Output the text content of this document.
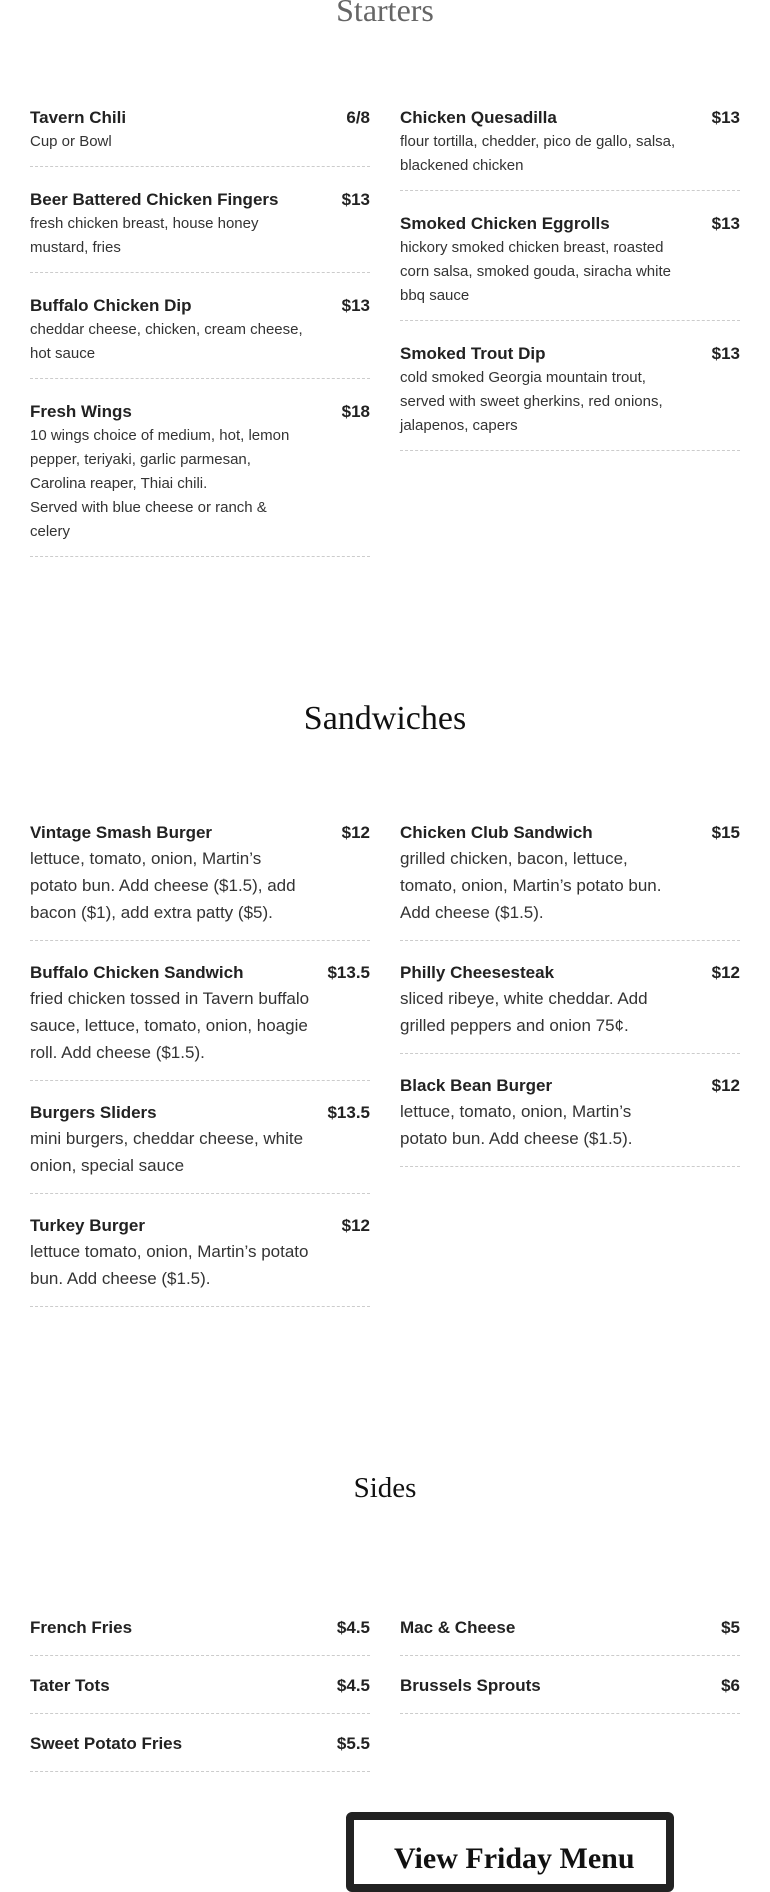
Starters
Tavern Chili	6/8
Cup or Bowl
Beer Battered Chicken Fingers	$13
fresh chicken breast, house honey mustard, fries
Buffalo Chicken Dip	$13
cheddar cheese, chicken, cream cheese, hot sauce
Fresh Wings	$18
10 wings choice of medium, hot, lemon pepper, teriyaki, garlic parmesan, Carolina reaper, Thiai chili.
Served with blue cheese or ranch & celery
Chicken Quesadilla	$13
flour tortilla, chedder, pico de gallo, salsa, blackened chicken
Smoked Chicken Eggrolls	$13
hickory smoked chicken breast, roasted corn salsa, smoked gouda, siracha white bbq sauce
Smoked Trout Dip	$13
cold smoked Georgia mountain trout, served with sweet gherkins, red onions, jalapenos, capers
Sandwiches
Vintage Smash Burger	$12
lettuce, tomato, onion, Martin’s potato bun. Add cheese ($1.5), add bacon ($1), add extra patty ($5).
Buffalo Chicken Sandwich	$13.5
fried chicken tossed in Tavern buffalo sauce, lettuce, tomato, onion, hoagie roll. Add cheese ($1.5).
Burgers Sliders	$13.5
mini burgers, cheddar cheese, white onion, special sauce
Turkey Burger	$12
lettuce tomato, onion, Martin’s potato bun. Add cheese ($1.5).
Chicken Club Sandwich	$15
grilled chicken, bacon, lettuce, tomato, onion, Martin’s potato bun. Add cheese ($1.5).
Philly Cheesesteak	$12
sliced ribeye, white cheddar. Add grilled peppers and onion 75¢.
Black Bean Burger	$12
lettuce, tomato, onion, Martin’s potato bun. Add cheese ($1.5).
Sides
French Fries	$4.5
Tater Tots	$4.5
Sweet Potato Fries	$5.5
Mac & Cheese	$5
Brussels Sprouts	$6
View Friday Menu
